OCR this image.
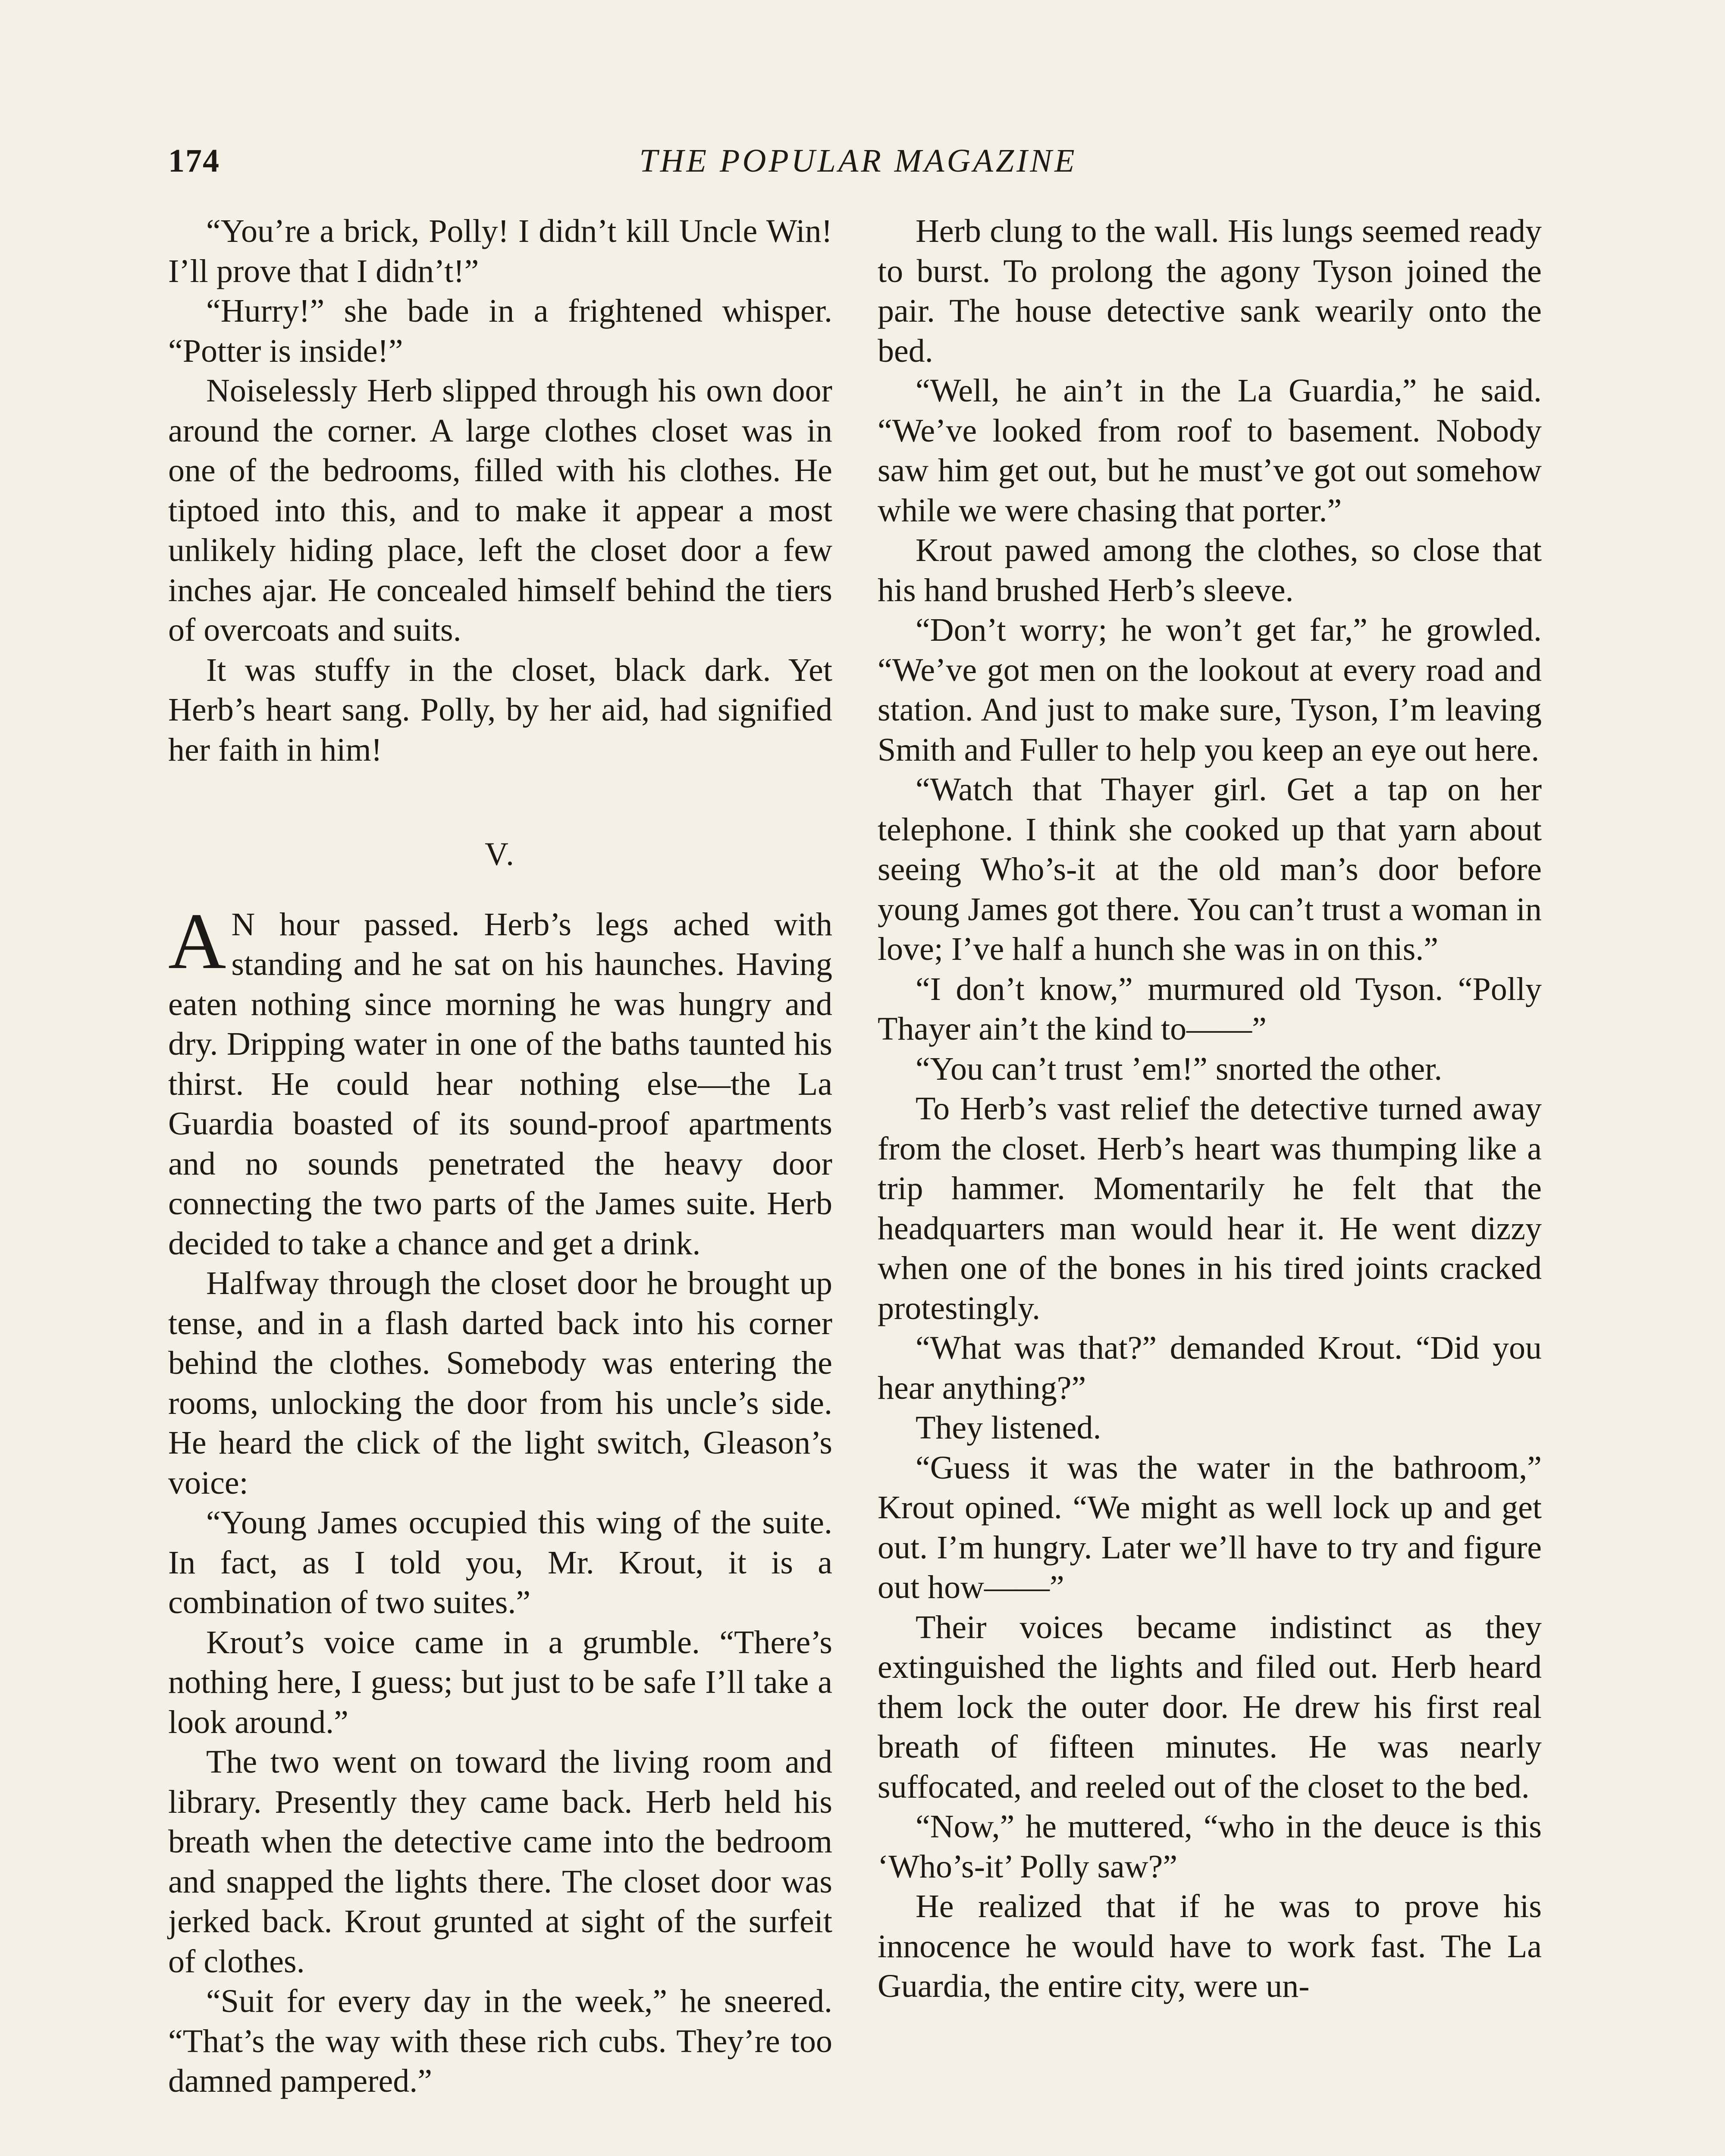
174	THE POPULAR MAGAZINE

“You’re a brick, Polly! I didn’t kill Uncle Win! I’ll prove that I didn’t!”

“Hurry!” she bade in a frightened whisper. “Potter is inside!”

Noiselessly Herb slipped through his own door around the corner. A large clothes closet was in one of the bedrooms, filled with his clothes. He tiptoed into this, and to make it appear a most unlikely hiding place, left the closet door a few inches ajar. He concealed himself behind the tiers of overcoats and suits.

It was stuffy in the closet, black dark. Yet Herb’s heart sang. Polly, by her aid, had signified her faith in him!

V.

A N hour passed. Herb’s legs ached with standing and he sat on his haunches. Having eaten nothing since morning he was hungry and dry. Dripping water in one of the baths taunted his thirst. He could hear nothing else—the La Guardia boasted of its sound-proof apartments and no sounds penetrated the heavy door connecting the two parts of the James suite. Herb decided to take a chance and get a drink.

Halfway through the closet door he brought up tense, and in a flash darted back into his corner behind the clothes. Somebody was entering the rooms, unlocking the door from his uncle’s side. He heard the click of the light switch, Gleason’s voice:

“Young James occupied this wing of the suite. In fact, as I told you, Mr. Krout, it is a combination of two suites.”

Krout’s voice came in a grumble. “There’s nothing here, I guess; but just to be safe I’ll take a look around.”

The two went on toward the living room and library. Presently they came back. Herb held his breath when the detective came into the bedroom and snapped the lights there. The closet door was jerked back. Krout grunted at sight of the surfeit of clothes.

“Suit for every day in the week,” he sneered. “That’s the way with these rich cubs. They’re too damned pampered.”

Herb clung to the wall. His lungs seemed ready to burst. To prolong the agony Tyson joined the pair. The house detective sank wearily onto the bed.

“Well, he ain’t in the La Guardia,” he said. “We’ve looked from roof to basement. Nobody saw him get out, but he must’ve got out somehow while we were chasing that porter.”

Krout pawed among the clothes, so close that his hand brushed Herb’s sleeve.

“Don’t worry; he won’t get far,” he growled. “We’ve got men on the lookout at every road and station. And just to make sure, Tyson, I’m leaving Smith and Fuller to help you keep an eye out here.

“Watch that Thayer girl. Get a tap on her telephone. I think she cooked up that yarn about seeing Who’s-it at the old man’s door before young James got there. You can’t trust a woman in love; I’ve half a hunch she was in on this.”

“I don’t know,” murmured old Tyson. “Polly Thayer ain’t the kind to——”

“You can’t trust ’em!” snorted the other.

To Herb’s vast relief the detective turned away from the closet. Herb’s heart was thumping like a trip hammer. Momentarily he felt that the headquarters man would hear it. He went dizzy when one of the bones in his tired joints cracked protestingly.

“What was that?” demanded Krout. “Did you hear anything?”

They listened.

“Guess it was the water in the bathroom,” Krout opined. “We might as well lock up and get out. I’m hungry. Later we’ll have to try and figure out how——”

Their voices became indistinct as they extinguished the lights and filed out. Herb heard them lock the outer door. He drew his first real breath of fifteen minutes. He was nearly suffocated, and reeled out of the closet to the bed.

“Now,” he muttered, “who in the deuce is this ‘Who’s-it’ Polly saw?”

He realized that if he was to prove his innocence he would have to work fast. The La Guardia, the entire city, were un-
